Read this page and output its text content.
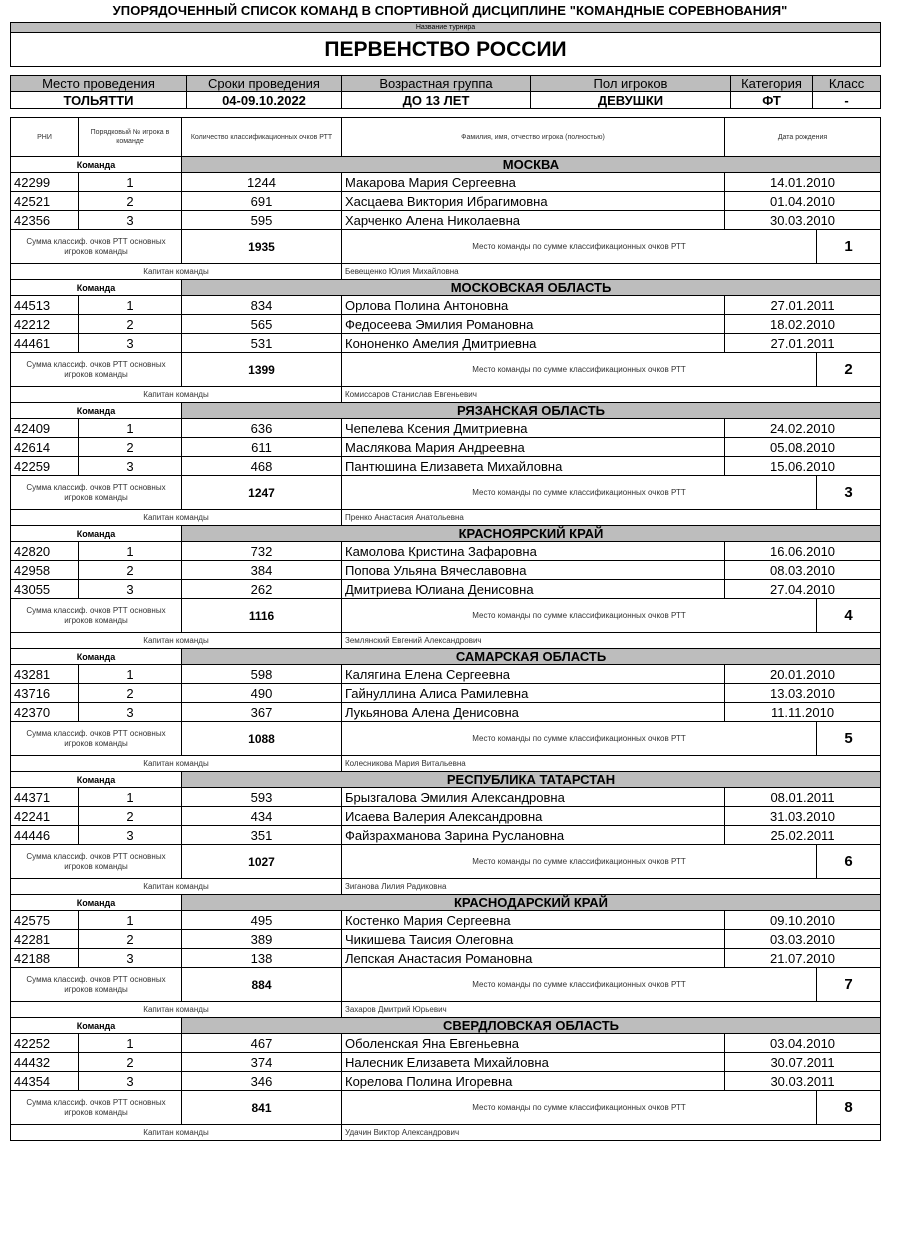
УПОРЯДОЧЕННЫЙ СПИСОК КОМАНД В СПОРТИВНОЙ ДИСЦИПЛИНЕ "КОМАНДНЫЕ СОРЕВНОВАНИЯ"
Название турнира					
ПЕРВЕНСТВО РОССИИ					

Место проведения	Сроки проведения	Возрастная группа	Пол игроков	Категория	Класс
ТОЛЬЯТТИ	04-09.10.2022	ДО 13 ЛЕТ	ДЕВУШКИ	ФТ	-

РНИ	Порядковый № игрока в команде	Количество классификационных очков РТТ	Фамилия, имя, отчество игрока (полностью)	Дата рождения	
Команда		МОСКВА			
42299	1	1244	Макарова Мария Сергеевна	14.01.2010	
42521	2	691	Хасцаева Виктория Ибрагимовна	01.04.2010	
42356	3	595	Харченко Алена Николаевна	30.03.2010	
Сумма классиф. очков РТТ основных игроков команды		1935	Место команды по сумме классификационных очков РТТ		1
Капитан команды			Бевещенко Юлия Михайловна		
Команда		МОСКОВСКАЯ ОБЛАСТЬ			
44513	1	834	Орлова Полина Антоновна	27.01.2011	
42212	2	565	Федосеева Эмилия Романовна	18.02.2010	
44461	3	531	Кононенко Амелия Дмитриевна	27.01.2011	
Сумма классиф. очков РТТ основных игроков команды		1399	Место команды по сумме классификационных очков РТТ		2
Капитан команды			Комиссаров Станислав Евгеньевич		
Команда		РЯЗАНСКАЯ ОБЛАСТЬ			
42409	1	636	Чепелева Ксения Дмитриевна	24.02.2010	
42614	2	611	Маслякова Мария Андреевна	05.08.2010	
42259	3	468	Пантюшина Елизавета Михайловна	15.06.2010	
Сумма классиф. очков РТТ основных игроков команды		1247	Место команды по сумме классификационных очков РТТ		3
Капитан команды			Пренко Анастасия Анатольевна		
Команда		КРАСНОЯРСКИЙ КРАЙ			
42820	1	732	Камолова Кристина Зафаровна	16.06.2010	
42958	2	384	Попова Ульяна Вячеславовна	08.03.2010	
43055	3	262	Дмитриева Юлиана Денисовна	27.04.2010	
Сумма классиф. очков РТТ основных игроков команды		1116	Место команды по сумме классификационных очков РТТ		4
Капитан команды			Землянский Евгений Александрович		
Команда		САМАРСКАЯ ОБЛАСТЬ			
43281	1	598	Калягина Елена Сергеевна	20.01.2010	
43716	2	490	Гайнуллина Алиса Рамилевна	13.03.2010	
42370	3	367	Лукьянова Алена Денисовна	11.11.2010	
Сумма классиф. очков РТТ основных игроков команды		1088	Место команды по сумме классификационных очков РТТ		5
Капитан команды			Колесникова Мария Витальевна		
Команда		РЕСПУБЛИКА ТАТАРСТАН			
44371	1	593	Брызгалова Эмилия Александровна	08.01.2011	
42241	2	434	Исаева Валерия Александровна	31.03.2010	
44446	3	351	Файзрахманова Зарина Руслановна	25.02.2011	
Сумма классиф. очков РТТ основных игроков команды		1027	Место команды по сумме классификационных очков РТТ		6
Капитан команды			Зиганова Лилия Радиковна		
Команда		КРАСНОДАРСКИЙ КРАЙ			
42575	1	495	Костенко Мария Сергеевна	09.10.2010	
42281	2	389	Чикишева Таисия Олеговна	03.03.2010	
42188	3	138	Лепская Анастасия Романовна	21.07.2010	
Сумма классиф. очков РТТ основных игроков команды		884	Место команды по сумме классификационных очков РТТ		7
Капитан команды			Захаров Дмитрий Юрьевич		
Команда		СВЕРДЛОВСКАЯ ОБЛАСТЬ			
42252	1	467	Оболенская Яна Евгеньевна	03.04.2010	
44432	2	374	Налесник Елизавета Михайловна	30.07.2011	
44354	3	346	Корелова Полина Игоревна	30.03.2011	
Сумма классиф. очков РТТ основных игроков команды		841	Место команды по сумме классификационных очков РТТ		8
Капитан команды			Удачин Виктор Александрович		
